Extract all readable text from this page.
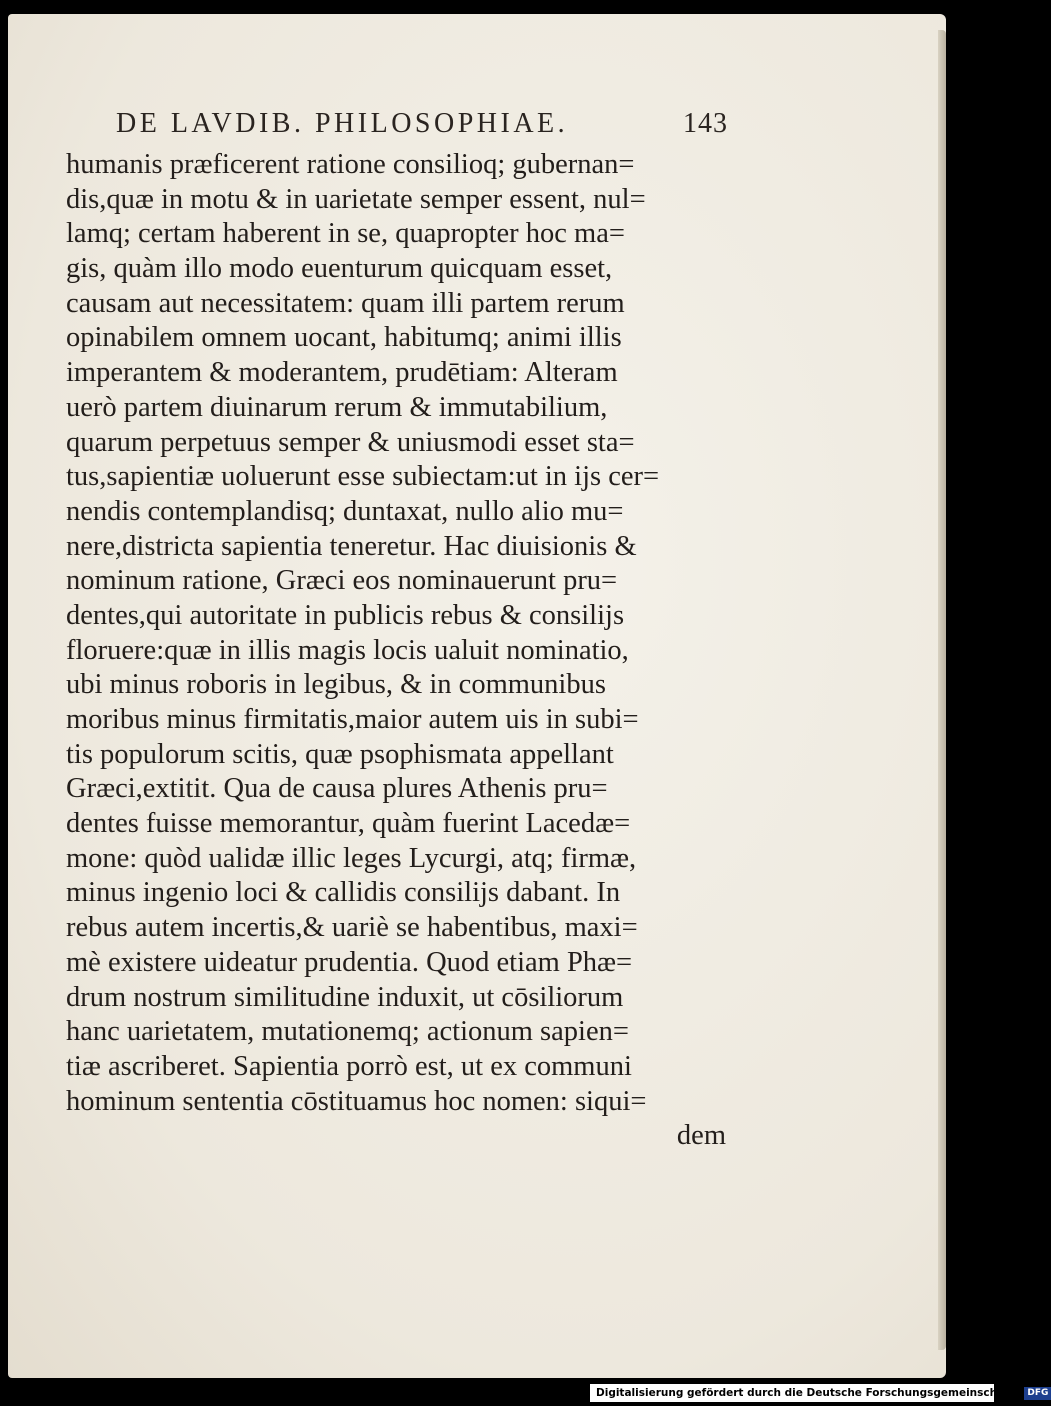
DE LAVDIB. PHILOSOPHIAE.	143
humanis præficerent ratione consilioq; gubernan=
dis,quæ in motu & in uarietate semper essent, nul=
lamq; certam haberent in se, quapropter hoc ma=
gis, quàm illo modo euenturum quicquam esset,
causam aut necessitatem: quam illi partem rerum
opinabilem omnem uocant, habitumq; animi illis
imperantem & moderantem, prudētiam: Alteram
uerò partem diuinarum rerum & immutabilium,
quarum perpetuus semper & uniusmodi esset sta=
tus,sapientiæ uoluerunt esse subiectam:ut in ijs cer=
nendis contemplandisq; duntaxat, nullo alio mu=
nere,districta sapientia teneretur. Hac diuisionis &
nominum ratione, Græci eos nominauerunt pru=
dentes,qui autoritate in publicis rebus & consilijs
floruere:quæ in illis magis locis ualuit nominatio,
ubi minus roboris in legibus, & in communibus
moribus minus firmitatis,maior autem uis in subi=
tis populorum scitis, quæ psophismata appellant
Græci,extitit. Qua de causa plures Athenis pru=
dentes fuisse memorantur, quàm fuerint Lacedæ=
mone: quòd ualidæ illic leges Lycurgi, atq; firmæ,
minus ingenio loci & callidis consilijs dabant. In
rebus autem incertis,& uariè se habentibus, maxi=
mè existere uideatur prudentia. Quod etiam Phæ=
drum nostrum similitudine induxit, ut cōsiliorum
hanc uarietatem, mutationemq; actionum sapien=
tiæ ascriberet. Sapientia porrò est, ut ex communi
hominum sententia cōstituamus hoc nomen: siqui=
dem
Digitalisierung gefördert durch die Deutsche Forschungsgemeinschaft · DFG
